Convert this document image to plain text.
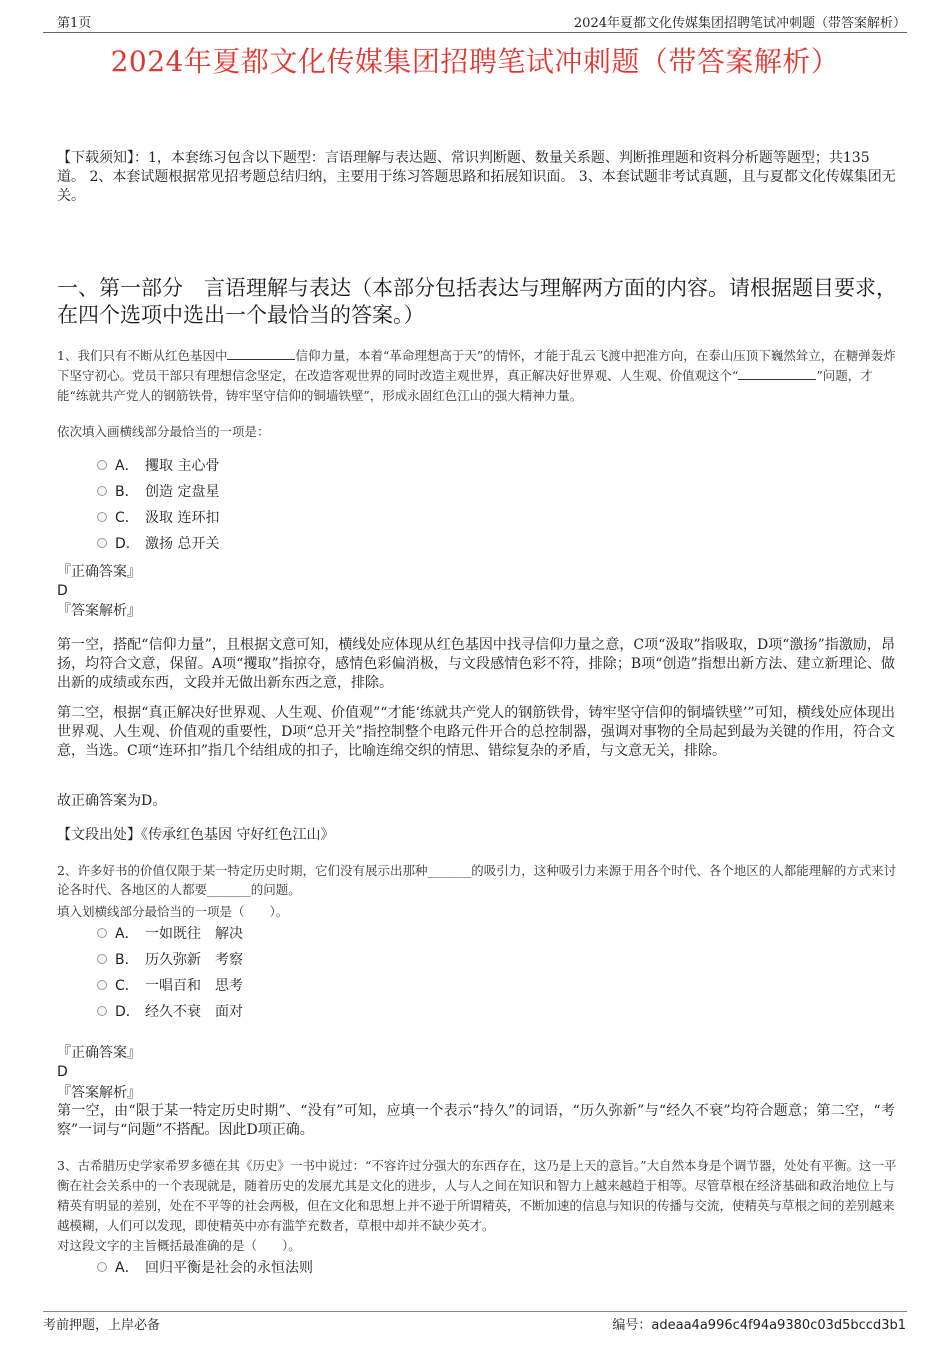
第1页	2024年夏都文化传媒集团招聘笔试冲刺题（带答案解析）
2024年夏都文化传媒集团招聘笔试冲刺题（带答案解析）
【下载须知】：1，本套练习包含以下题型：言语理解与表达题、常识判断题、数量关系题、判断推理题和资料分析题等题型；共135道。 2、本套试题根据常见招考题总结归纳，主要用于练习答题思路和拓展知识面。 3、本套试题非考试真题，且与夏都文化传媒集团无关。
一、第一部分　言语理解与表达（本部分包括表达与理解两方面的内容。请根据题目要求，在四个选项中选出一个最恰当的答案。）
1、我们只有不断从红色基因中	信仰力量，本着“革命理想高于天”的情怀，才能于乱云飞渡中把准方向，在泰山压顶下巍然耸立，在糖弹轰炸下坚守初心。党员干部只有理想信念坚定，在改造客观世界的同时改造主观世界，真正解决好世界观、人生观、价值观这个“	”问题，才能“练就共产党人的钢筋铁骨，铸牢坚守信仰的铜墙铁壁”，形成永固红色江山的强大精神力量。
依次填入画横线部分最恰当的一项是：
A． 攫取 主心骨
B． 创造 定盘星
C． 汲取 连环扣
D． 激扬 总开关
『正确答案』
D
『答案解析』
第一空，搭配“信仰力量”，且根据文意可知，横线处应体现从红色基因中找寻信仰力量之意，C项“汲取”指吸取，D项“激扬”指激励，昂扬，均符合文意，保留。A项“攫取”指掠夺，感情色彩偏消极，与文段感情色彩不符，排除；B项“创造”指想出新方法、建立新理论、做出新的成绩或东西，文段并无做出新东西之意，排除。
第二空，根据“真正解决好世界观、人生观、价值观”“才能‘练就共产党人的钢筋铁骨，铸牢坚守信仰的铜墙铁壁’”可知，横线处应体现出世界观、人生观、价值观的重要性，D项“总开关”指控制整个电路元件开合的总控制器，强调对事物的全局起到最为关键的作用，符合文意，当选。C项“连环扣”指几个结组成的扣子，比喻连绵交织的情思、错综复杂的矛盾，与文意无关，排除。
故正确答案为D。
【文段出处】《传承红色基因 守好红色江山》
2、许多好书的价值仅限于某一特定历史时期，它们没有展示出那种_______的吸引力，这种吸引力来源于用各个时代、各个地区的人都能理解的方式来讨论各时代、各地区的人都要_______的问题。
填入划横线部分最恰当的一项是（　　）。
A． 一如既往　解决
B． 历久弥新　考察
C． 一唱百和　思考
D． 经久不衰　面对
『正确答案』
D
『答案解析』
第一空，由“限于某一特定历史时期”、“没有”可知，应填一个表示“持久”的词语，“历久弥新”与“经久不衰”均符合题意；第二空，“考察”一词与“问题”不搭配。因此D项正确。
3、古希腊历史学家希罗多德在其《历史》一书中说过：“不容许过分强大的东西存在，这乃是上天的意旨。”大自然本身是个调节器，处处有平衡。这一平衡在社会关系中的一个表现就是，随着历史的发展尤其是文化的进步，人与人之间在知识和智力上越来越趋于相等。尽管草根在经济基础和政治地位上与精英有明显的差别，处在不平等的社会两极，但在文化和思想上并不逊于所谓精英，不断加速的信息与知识的传播与交流，使精英与草根之间的差别越来越模糊，人们可以发现，即使精英中亦有滥竽充数者，草根中却并不缺少英才。
对这段文字的主旨概括最准确的是（　　）。
A． 回归平衡是社会的永恒法则
考前押题，上岸必备	编号：adeaa4a996c4f94a9380c03d5bccd3b1
